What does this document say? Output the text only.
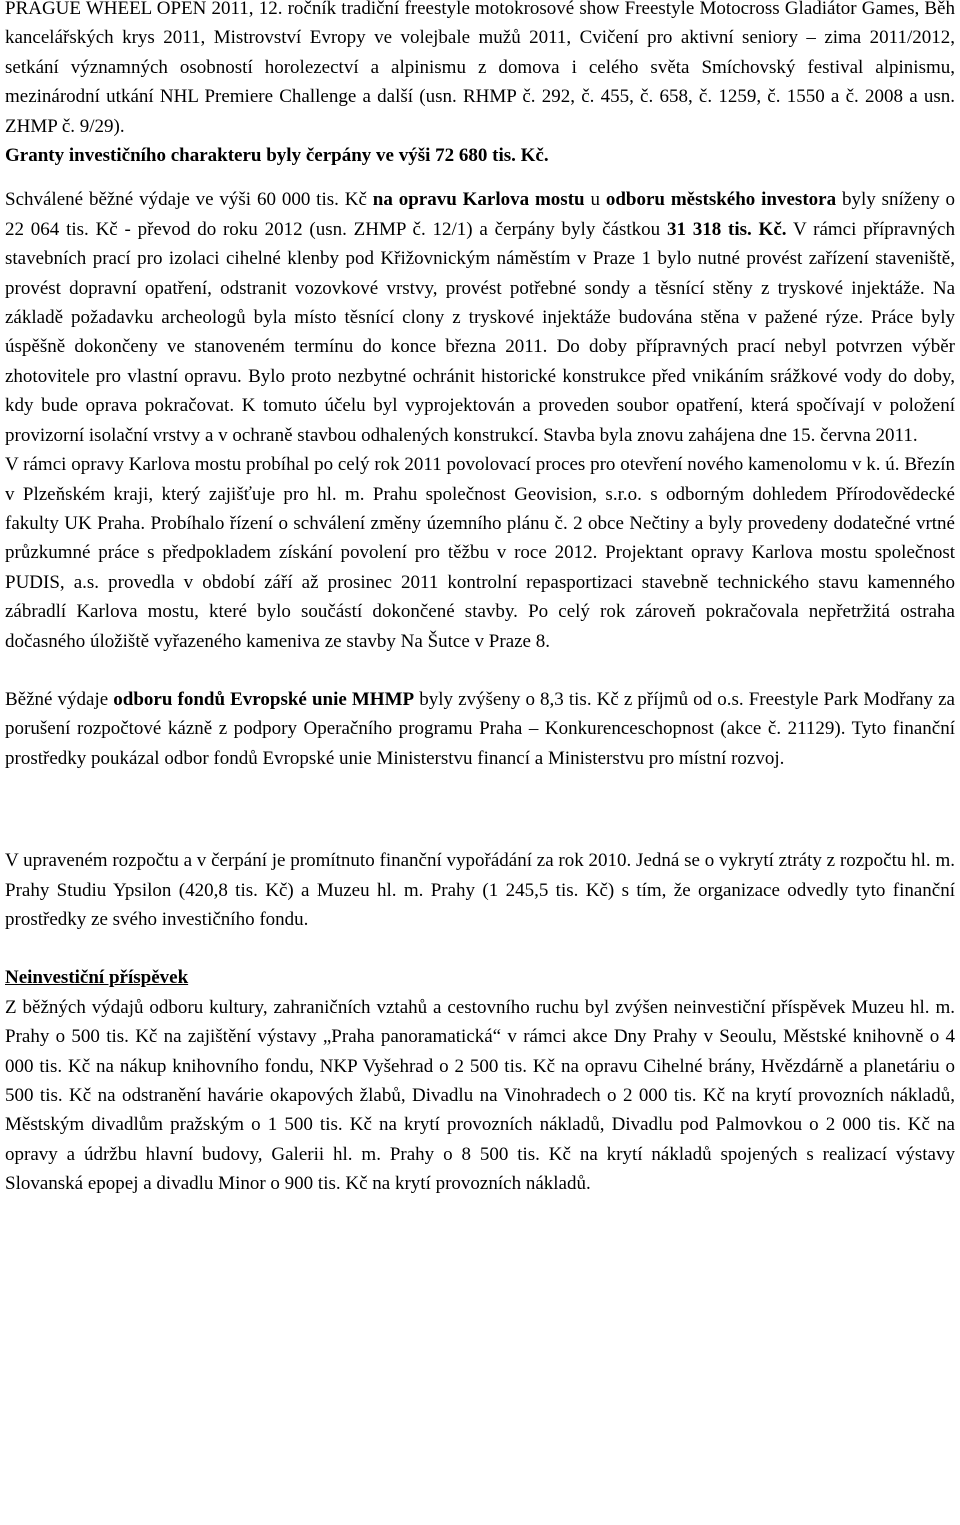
PRAGUE WHEEL OPEN 2011, 12. ročník tradiční freestyle motokrosové show Freestyle Motocross Gladiátor Games, Běh kancelářských krys 2011, Mistrovství Evropy ve volejbale mužů 2011, Cvičení pro aktivní seniory – zima 2011/2012, setkání významných osobností horolezectví a alpinismu z domova i celého světa Smíchovský festival alpinismu, mezinárodní utkání NHL Premiere Challenge a další (usn. RHMP č. 292, č. 455, č. 658, č. 1259, č. 1550 a č. 2008 a usn. ZHMP č. 9/29).

Granty investičního charakteru byly čerpány ve výši 72 680 tis. Kč.

Schválené běžné výdaje ve výši 60 000 tis. Kč na opravu Karlova mostu u odboru městského investora byly sníženy o 22 064 tis. Kč - převod do roku 2012 (usn. ZHMP č. 12/1) a čerpány byly částkou 31 318 tis. Kč. V rámci přípravných stavebních prací pro izolaci cihelné klenby pod Křižovnickým náměstím v Praze 1 bylo nutné provést zařízení staveniště, provést dopravní opatření, odstranit vozovkové vrstvy, provést potřebné sondy a těsnící stěny z tryskové injektáže. Na základě požadavku archeologů byla místo těsnící clony z tryskové injektáže budována stěna v pažené rýze. Práce byly úspěšně dokončeny ve stanoveném termínu do konce března 2011. Do doby přípravných prací nebyl potvrzen výběr zhotovitele pro vlastní opravu. Bylo proto nezbytné ochránit historické konstrukce před vnikáním srážkové vody do doby, kdy bude oprava pokračovat. K tomuto účelu byl vyprojektován a proveden soubor opatření, která spočívají v položení provizorní isolační vrstvy a v ochraně stavbou odhalených konstrukcí. Stavba byla znovu zahájena dne 15. června 2011.

V rámci opravy Karlova mostu probíhal po celý rok 2011 povolovací proces pro otevření nového kamenolomu v k. ú. Březín v Plzeňském kraji, který zajišťuje pro hl. m. Prahu společnost Geovision, s.r.o. s odborným dohledem Přírodovědecké fakulty UK Praha. Probíhalo řízení o schválení změny územního plánu č. 2 obce Nečtiny a byly provedeny dodatečné vrtné průzkumné práce s předpokladem získání povolení pro těžbu v roce 2012. Projektant opravy Karlova mostu společnost PUDIS, a.s. provedla v období září až prosinec 2011 kontrolní repasportizaci stavebně technického stavu kamenného zábradlí Karlova mostu, které bylo součástí dokončené stavby. Po celý rok zároveň pokračovala nepřetržitá ostraha dočasného úložiště vyřazeného kameniva ze stavby Na Šutce v Praze 8.

Běžné výdaje odboru fondů Evropské unie MHMP byly zvýšeny o 8,3 tis. Kč z příjmů od o.s. Freestyle Park Modřany za porušení rozpočtové kázně z podpory Operačního programu Praha – Konkurenceschopnost (akce č. 21129). Tyto finanční prostředky poukázal odbor fondů Evropské unie Ministerstvu financí a Ministerstvu pro místní rozvoj.

V upraveném rozpočtu a v čerpání je promítnuto finanční vypořádání za rok 2010. Jedná se o vykrytí ztráty z rozpočtu hl. m. Prahy Studiu Ypsilon (420,8 tis. Kč) a Muzeu hl. m. Prahy (1 245,5 tis. Kč) s tím, že organizace odvedly tyto finanční prostředky ze svého investičního fondu.

Neinvestiční příspěvek

Z běžných výdajů odboru kultury, zahraničních vztahů a cestovního ruchu byl zvýšen neinvestiční příspěvek Muzeu hl. m. Prahy o 500 tis. Kč na zajištění výstavy „Praha panoramatická“ v rámci akce Dny Prahy v Seoulu, Městské knihovně o 4 000 tis. Kč na nákup knihovního fondu, NKP Vyšehrad o 2 500 tis. Kč na opravu Cihelné brány, Hvězdárně a planetáriu o 500 tis. Kč na odstranění havárie okapových žlabů, Divadlu na Vinohradech o 2 000 tis. Kč na krytí provozních nákladů, Městským divadlům pražským o 1 500 tis. Kč na krytí provozních nákladů, Divadlu pod Palmovkou o 2 000 tis. Kč na opravy a údržbu hlavní budovy, Galerii hl. m. Prahy o 8 500 tis. Kč na krytí nákladů spojených s realizací výstavy Slovanská epopej a divadlu Minor o 900 tis. Kč na krytí provozních nákladů.
